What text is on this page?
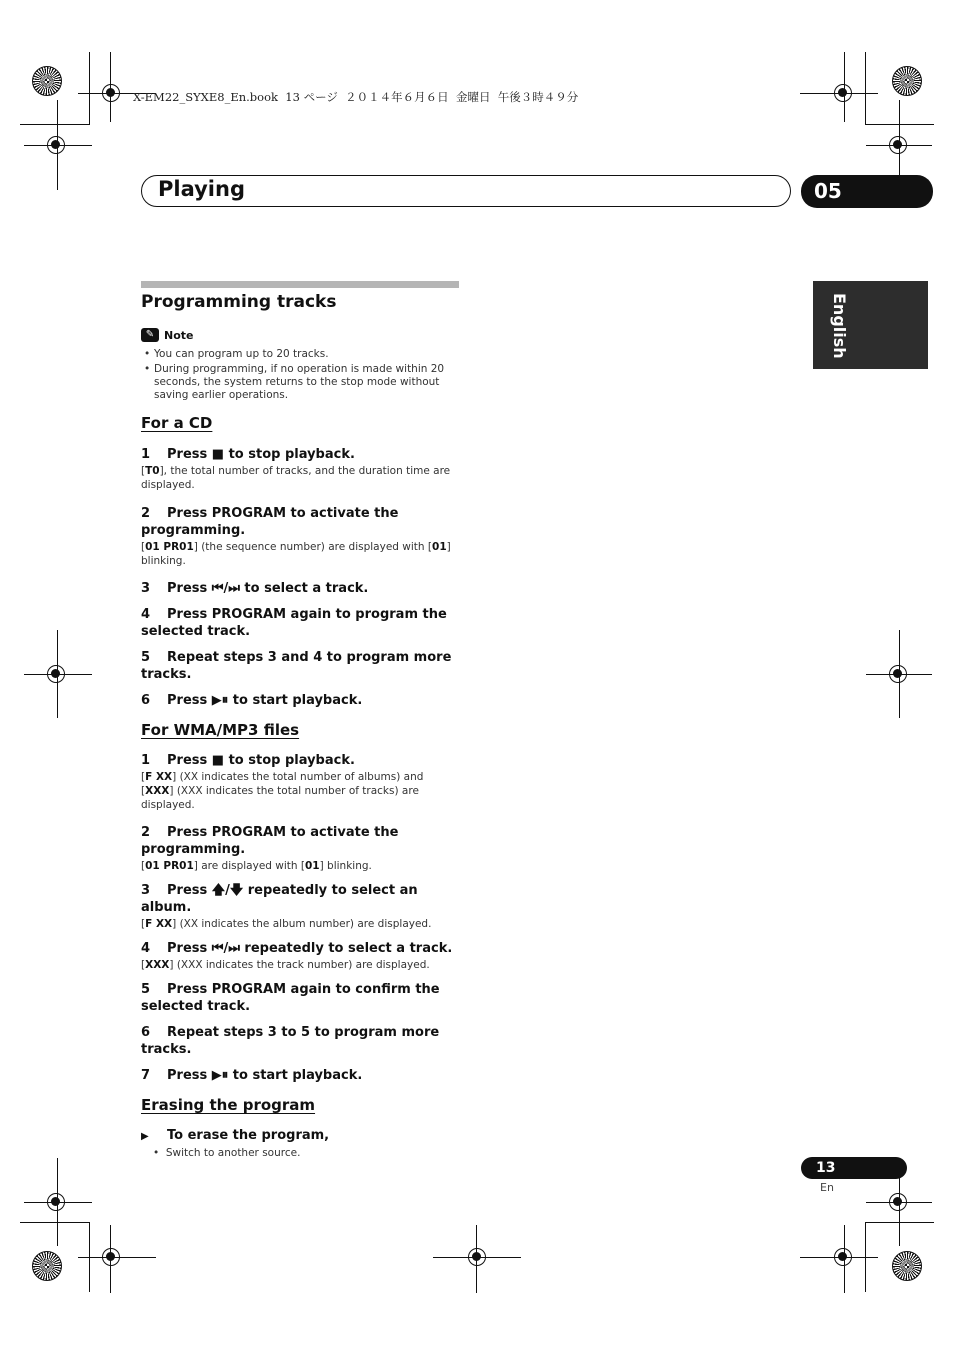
X-EM22_SYXE8_En.book  13 ページ  ２０１４年６月６日  金曜日  午後３時４９分
Playing	05
English
Programming tracks
✎ Note
• You can program up to 20 tracks.
• During programming, if no operation is made within 20 seconds, the system returns to the stop mode without saving earlier operations.
For a CD
1 Press ■ to stop playback.
[T0], the total number of tracks, and the duration time are displayed.
2 Press PROGRAM to activate the programming.
[01 PR01] (the sequence number) are displayed with [01] blinking.
3 Press ⏮/⏭ to select a track.
4 Press PROGRAM again to program the selected track.
5 Repeat steps 3 and 4 to program more tracks.
6 Press ▶⏸ to start playback.
For WMA/MP3 files
1 Press ■ to stop playback.
[F XX] (XX indicates the total number of albums) and [XXX] (XXX indicates the total number of tracks) are displayed.
2 Press PROGRAM to activate the programming.
[01 PR01] are displayed with [01] blinking.
3 Press 🡅/🡇 repeatedly to select an album.
[F XX] (XX indicates the album number) are displayed.
4 Press ⏮/⏭ repeatedly to select a track.
[XXX] (XXX indicates the track number) are displayed.
5 Press PROGRAM again to confirm the selected track.
6 Repeat steps 3 to 5 to program more tracks.
7 Press ▶⏸ to start playback.
Erasing the program
▶ To erase the program,
•  Switch to another source.
13
En
